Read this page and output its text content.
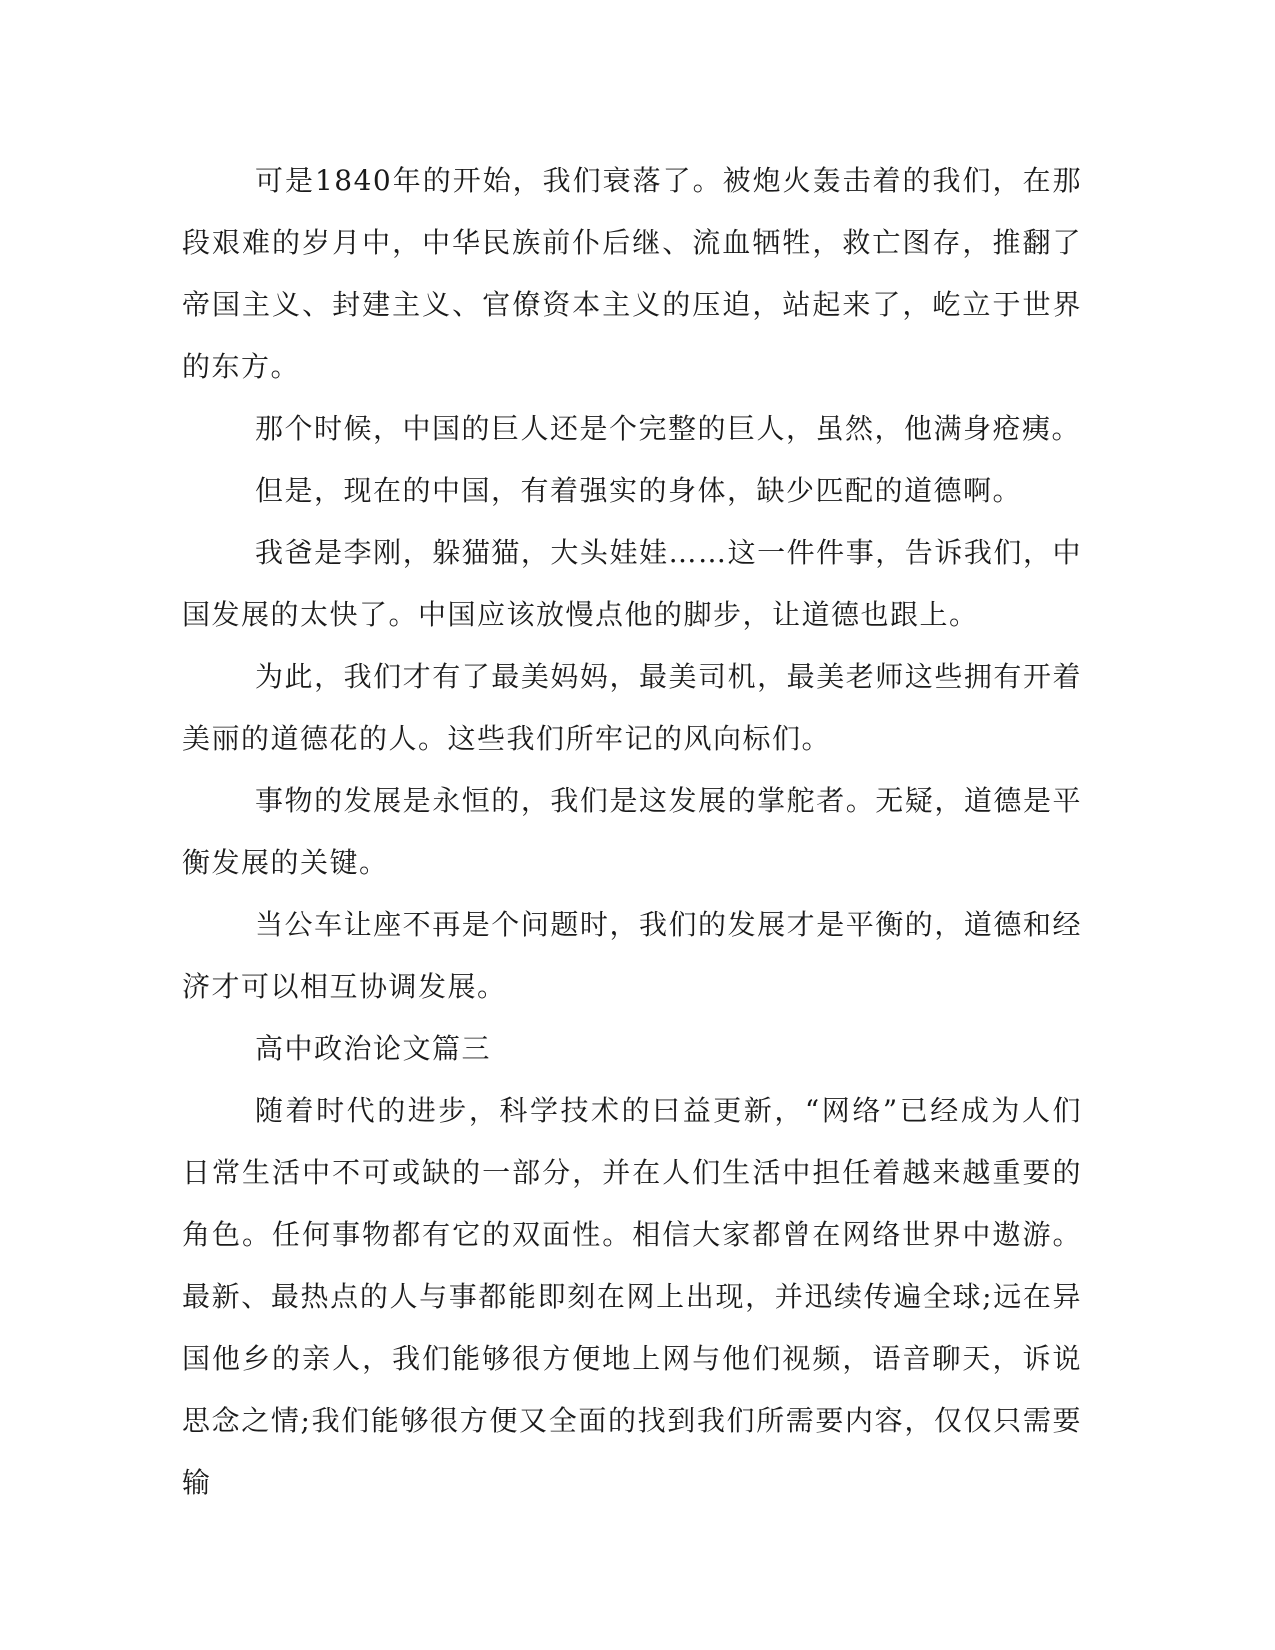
可是1840年的开始，我们衰落了。被炮火轰击着的我们，在那段艰难的岁月中，中华民族前仆后继、流血牺牲，救亡图存，推翻了帝国主义、封建主义、官僚资本主义的压迫，站起来了，屹立于世界的东方。

那个时候，中国的巨人还是个完整的巨人，虽然，他满身疮痍。

但是，现在的中国，有着强实的身体，缺少匹配的道德啊。

我爸是李刚，躲猫猫，大头娃娃……这一件件事，告诉我们，中国发展的太快了。中国应该放慢点他的脚步，让道德也跟上。

为此，我们才有了最美妈妈，最美司机，最美老师这些拥有开着美丽的道德花的人。这些我们所牢记的风向标们。

事物的发展是永恒的，我们是这发展的掌舵者。无疑，道德是平衡发展的关键。

当公车让座不再是个问题时，我们的发展才是平衡的，道德和经济才可以相互协调发展。

高中政治论文篇三

随着时代的进步，科学技术的曰益更新，“网络”已经成为人们日常生活中不可或缺的一部分，并在人们生活中担任着越来越重要的角色。任何事物都有它的双面性。相信大家都曾在网络世界中遨游。最新、最热点的人与事都能即刻在网上出现，并迅续传遍全球;远在异国他乡的亲人，我们能够很方便地上网与他们视频，语音聊天，诉说思念之情;我们能够很方便又全面的找到我们所需要内容，仅仅只需要输
